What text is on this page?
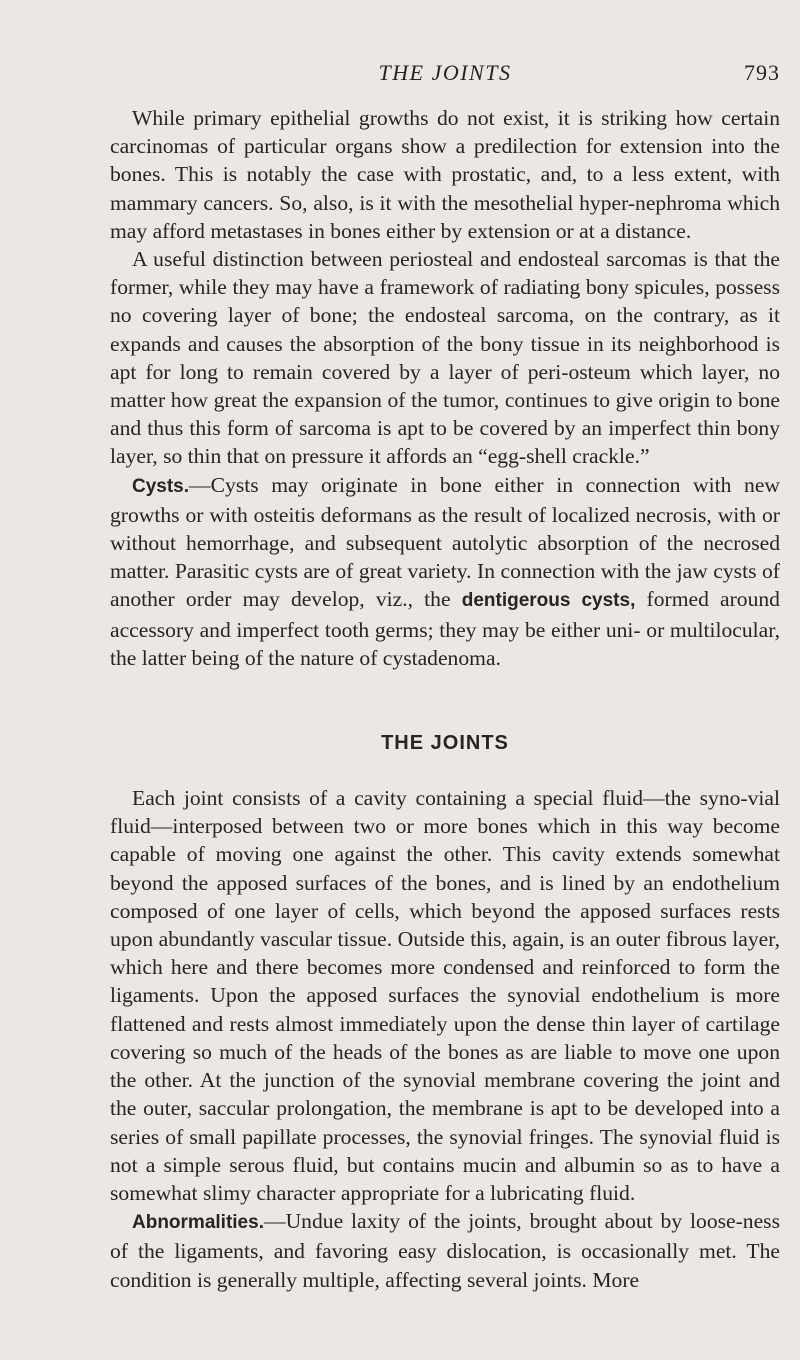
THE JOINTS	793

While primary epithelial growths do not exist, it is striking how certain carcinomas of particular organs show a predilection for extension into the bones. This is notably the case with prostatic, and, to a less extent, with mammary cancers. So, also, is it with the mesothelial hyper-nephroma which may afford metastases in bones either by extension or at a distance.

A useful distinction between periosteal and endosteal sarcomas is that the former, while they may have a framework of radiating bony spicules, possess no covering layer of bone; the endosteal sarcoma, on the contrary, as it expands and causes the absorption of the bony tissue in its neighborhood is apt for long to remain covered by a layer of peri-osteum which layer, no matter how great the expansion of the tumor, continues to give origin to bone and thus this form of sarcoma is apt to be covered by an imperfect thin bony layer, so thin that on pressure it affords an “egg-shell crackle.”

Cysts.—Cysts may originate in bone either in connection with new growths or with osteitis deformans as the result of localized necrosis, with or without hemorrhage, and subsequent autolytic absorption of the necrosed matter. Parasitic cysts are of great variety. In connection with the jaw cysts of another order may develop, viz., the dentigerous cysts, formed around accessory and imperfect tooth germs; they may be either uni- or multilocular, the latter being of the nature of cystadenoma.

THE JOINTS

Each joint consists of a cavity containing a special fluid—the syno-vial fluid—interposed between two or more bones which in this way become capable of moving one against the other. This cavity extends somewhat beyond the apposed surfaces of the bones, and is lined by an endothelium composed of one layer of cells, which beyond the apposed surfaces rests upon abundantly vascular tissue. Outside this, again, is an outer fibrous layer, which here and there becomes more condensed and reinforced to form the ligaments. Upon the apposed surfaces the synovial endothelium is more flattened and rests almost immediately upon the dense thin layer of cartilage covering so much of the heads of the bones as are liable to move one upon the other. At the junction of the synovial membrane covering the joint and the outer, saccular prolongation, the membrane is apt to be developed into a series of small papillate processes, the synovial fringes. The synovial fluid is not a simple serous fluid, but contains mucin and albumin so as to have a somewhat slimy character appropriate for a lubricating fluid.

Abnormalities.—Undue laxity of the joints, brought about by loose-ness of the ligaments, and favoring easy dislocation, is occasionally met. The condition is generally multiple, affecting several joints. More
